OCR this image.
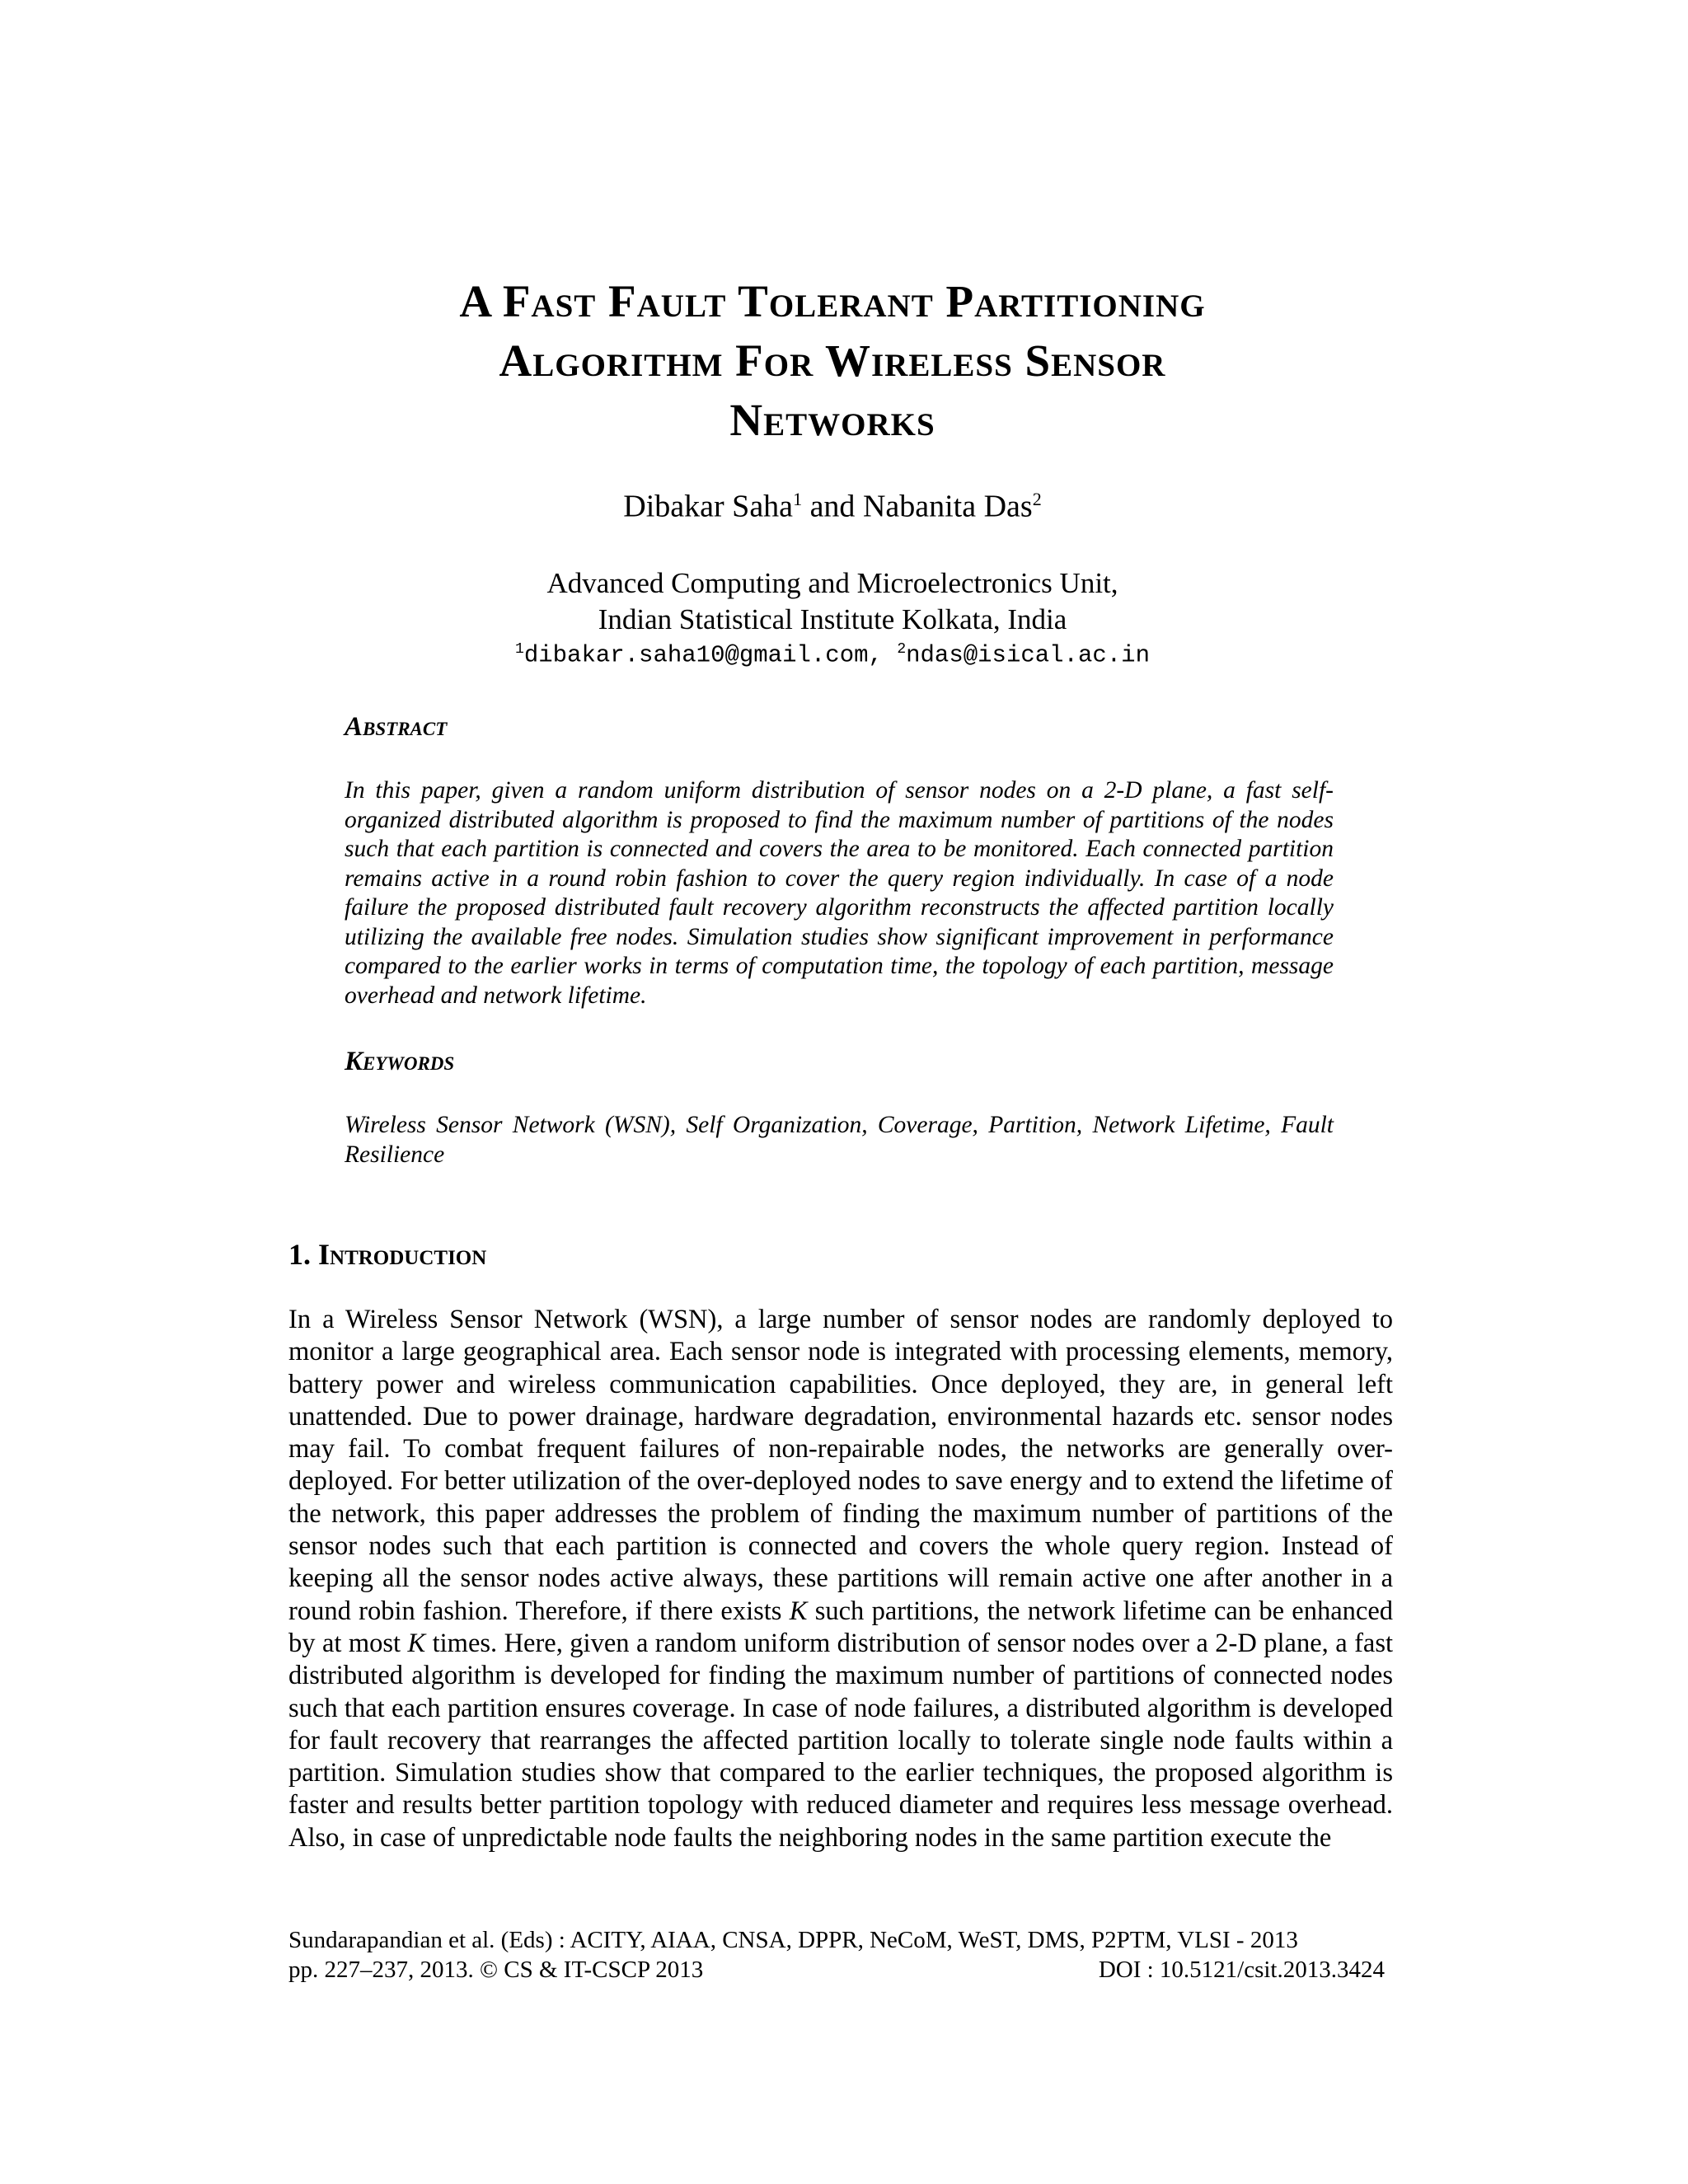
A Fast Fault Tolerant Partitioning
Algorithm For Wireless Sensor
Networks
Dibakar Saha$^1$ and Nabanita Das$^2$
Advanced Computing and Microelectronics Unit,
Indian Statistical Institute Kolkata, India
$^1$dibakar.saha10@gmail.com, $^2$ndas@isical.ac.in
Abstract
In this paper, given a random uniform distribution of sensor nodes on a 2-D plane, a fast self-organized distributed algorithm is proposed to find the maximum number of partitions of the nodes such that each partition is connected and covers the area to be monitored. Each connected partition remains active in a round robin fashion to cover the query region individually. In case of a node failure the proposed distributed fault recovery algorithm reconstructs the affected partition locally utilizing the available free nodes. Simulation studies show significant improvement in performance compared to the earlier works in terms of computation time, the topology of each partition, message overhead and network lifetime.
Keywords
Wireless Sensor Network (WSN), Self Organization, Coverage, Partition, Network Lifetime, Fault Resilience
1. Introduction
In a Wireless Sensor Network (WSN), a large number of sensor nodes are randomly deployed to monitor a large geographical area. Each sensor node is integrated with processing elements, memory, battery power and wireless communication capabilities. Once deployed, they are, in general left unattended. Due to power drainage, hardware degradation, environmental hazards etc. sensor nodes may fail. To combat frequent failures of non-repairable nodes, the networks are generally over-deployed. For better utilization of the over-deployed nodes to save energy and to extend the lifetime of the network, this paper addresses the problem of finding the maximum number of partitions of the sensor nodes such that each partition is connected and covers the whole query region. Instead of keeping all the sensor nodes active always, these partitions will remain active one after another in a round robin fashion. Therefore, if there exists K such partitions, the network lifetime can be enhanced by at most K times. Here, given a random uniform distribution of sensor nodes over a 2-D plane, a fast distributed algorithm is developed for finding the maximum number of partitions of connected nodes such that each partition ensures coverage. In case of node failures, a distributed algorithm is developed for fault recovery that rearranges the affected partition locally to tolerate single node faults within a partition. Simulation studies show that compared to the earlier techniques, the proposed algorithm is faster and results better partition topology with reduced diameter and requires less message overhead. Also, in case of unpredictable node faults the neighboring nodes in the same partition execute the
Sundarapandian et al. (Eds) : ACITY, AIAA, CNSA, DPPR, NeCoM, WeST, DMS, P2PTM, VLSI - 2013
pp. 227–237, 2013. © CS & IT-CSCP 2013	DOI : 10.5121/csit.2013.3424
